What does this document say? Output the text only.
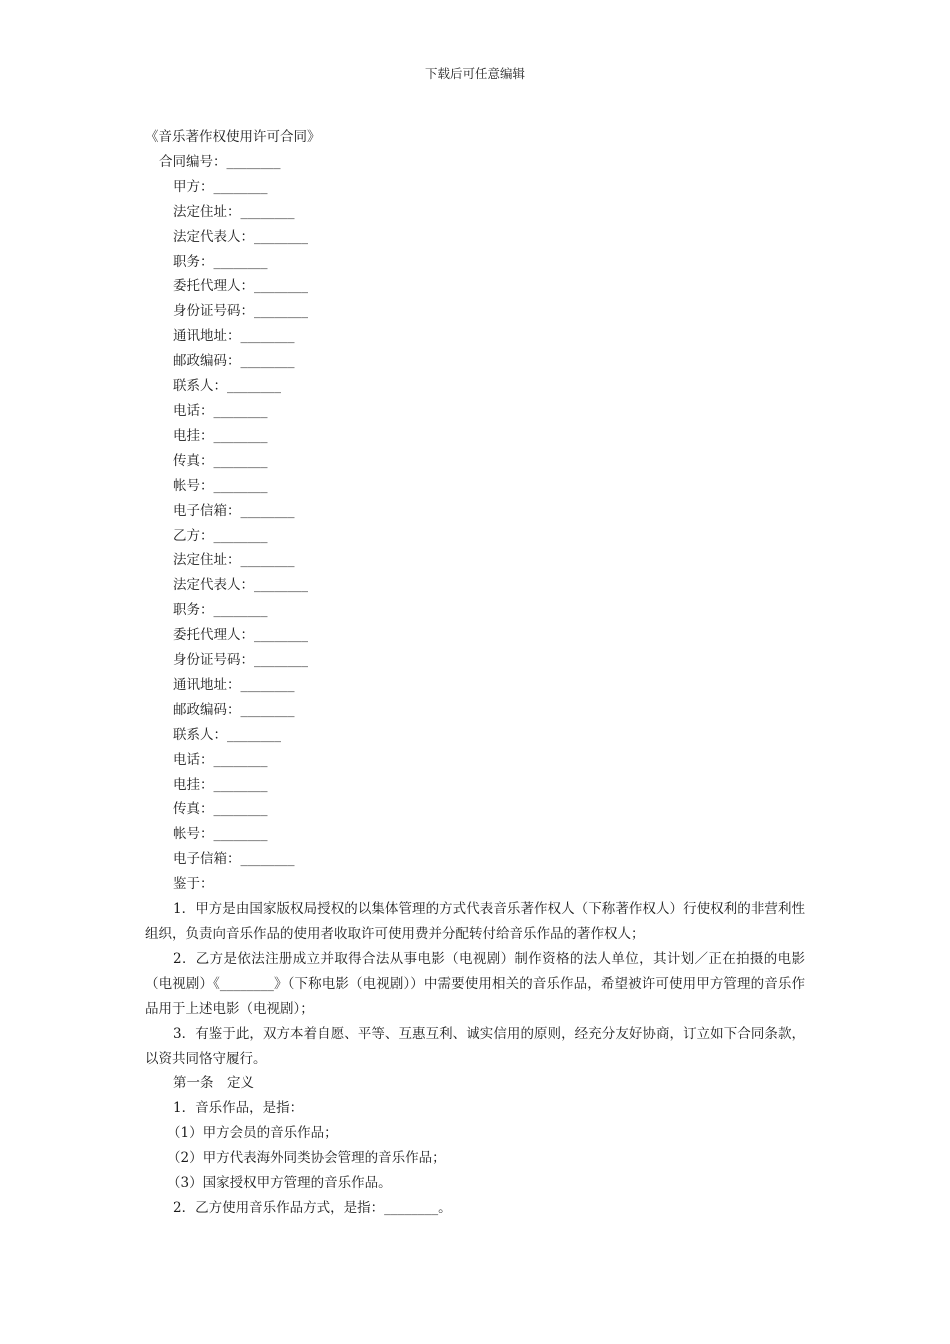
下载后可任意编辑
《音乐著作权使用许可合同》
合同编号：________
甲方：________
法定住址：________
法定代表人：________
职务：________
委托代理人：________
身份证号码：________
通讯地址：________
邮政编码：________
联系人：________
电话：________
电挂：________
传真：________
帐号：________
电子信箱：________
乙方：________
法定住址：________
法定代表人：________
职务：________
委托代理人：________
身份证号码：________
通讯地址：________
邮政编码：________
联系人：________
电话：________
电挂：________
传真：________
帐号：________
电子信箱：________
鉴于：
1．甲方是由国家版权局授权的以集体管理的方式代表音乐著作权人（下称著作权人）行使权利的非营利性组织，负责向音乐作品的使用者收取许可使用费并分配转付给音乐作品的著作权人；
2．乙方是依法注册成立并取得合法从事电影（电视剧）制作资格的法人单位，其计划／正在拍摄的电影（电视剧）《________》（下称电影（电视剧））中需要使用相关的音乐作品，希望被许可使用甲方管理的音乐作品用于上述电影（电视剧）；
3．有鉴于此，双方本着自愿、平等、互惠互利、诚实信用的原则，经充分友好协商，订立如下合同条款，以资共同恪守履行。
第一条　定义
1．音乐作品，是指：
（1）甲方会员的音乐作品；
（2）甲方代表海外同类协会管理的音乐作品；
（3）国家授权甲方管理的音乐作品。
2．乙方使用音乐作品方式，是指：________。
